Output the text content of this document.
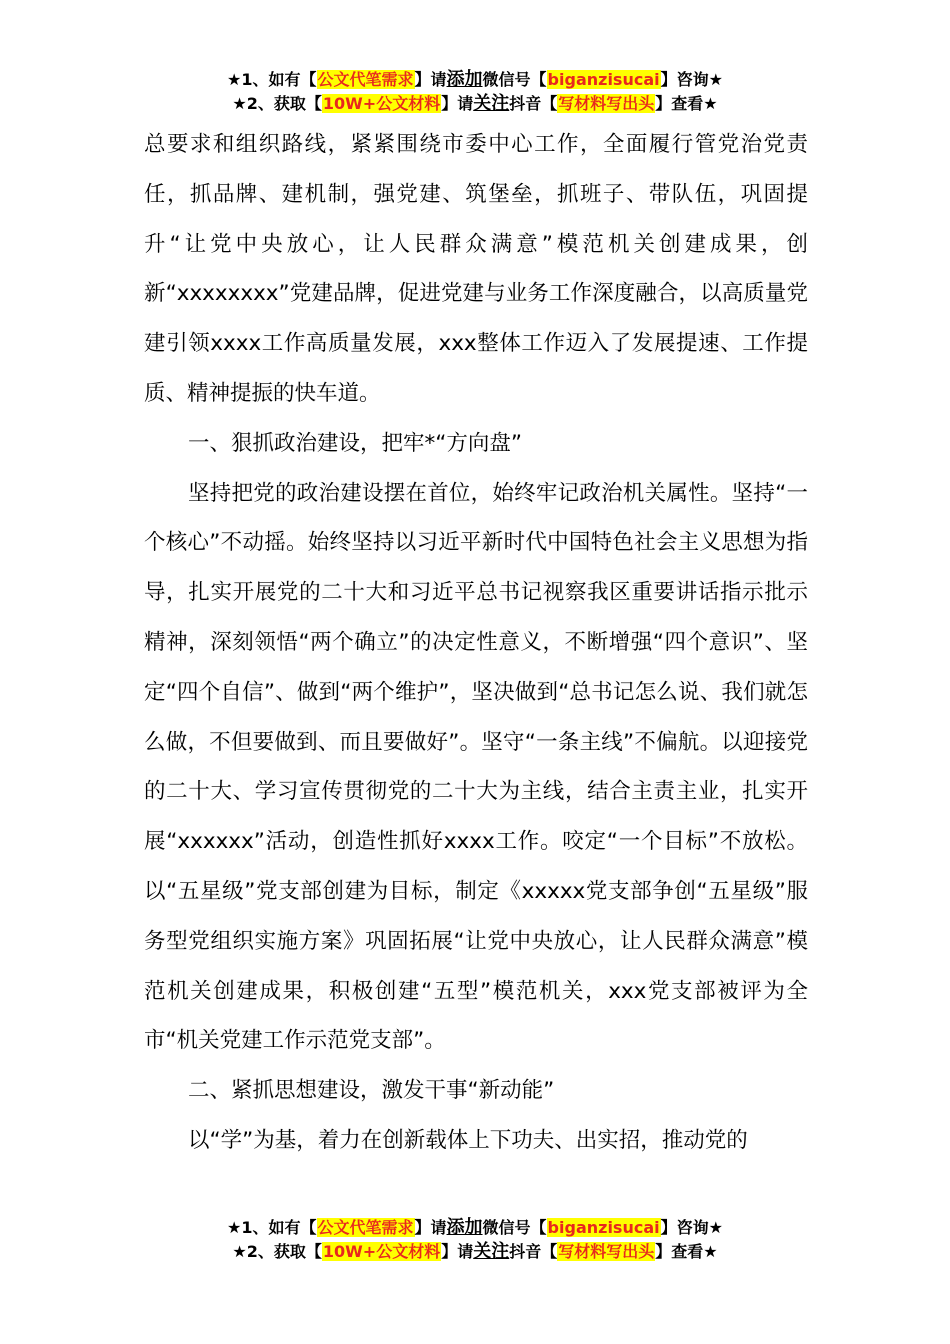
★1、如有【公文代笔需求】请添加微信号【biganzisucai】咨询★
★2、获取【10W+公文材料】请关注抖音【写材料写出头】查看★

总要求和组织路线，紧紧围绕市委中心工作，全面履行管党治党责任，抓品牌、建机制，强党建、筑堡垒，抓班子、带队伍，巩固提升“让党中央放心，让人民群众满意”模范机关创建成果，创新“xxxxxxxx”党建品牌，促进党建与业务工作深度融合，以高质量党建引领xxxx工作高质量发展，xxx整体工作迈入了发展提速、工作提质、精神提振的快车道。

一、狠抓政治建设，把牢*“方向盘”

坚持把党的政治建设摆在首位，始终牢记政治机关属性。坚持“一个核心”不动摇。始终坚持以习近平新时代中国特色社会主义思想为指导，扎实开展党的二十大和习近平总书记视察我区重要讲话指示批示精神，深刻领悟“两个确立”的决定性意义，不断增强“四个意识”、坚定“四个自信”、做到“两个维护”，坚决做到“总书记怎么说、我们就怎么做，不但要做到、而且要做好”。坚守“一条主线”不偏航。以迎接党的二十大、学习宣传贯彻党的二十大为主线，结合主责主业，扎实开展“xxxxxx”活动，创造性抓好xxxx工作。咬定“一个目标”不放松。以“五星级”党支部创建为目标，制定《xxxxx党支部争创“五星级”服务型党组织实施方案》巩固拓展“让党中央放心，让人民群众满意”模范机关创建成果，积极创建“五型”模范机关，xxx党支部被评为全市“机关党建工作示范党支部”。

二、紧抓思想建设，激发干事“新动能”

以“学”为基，着力在创新载体上下功夫、出实招，推动党的

★1、如有【公文代笔需求】请添加微信号【biganzisucai】咨询★
★2、获取【10W+公文材料】请关注抖音【写材料写出头】查看★
